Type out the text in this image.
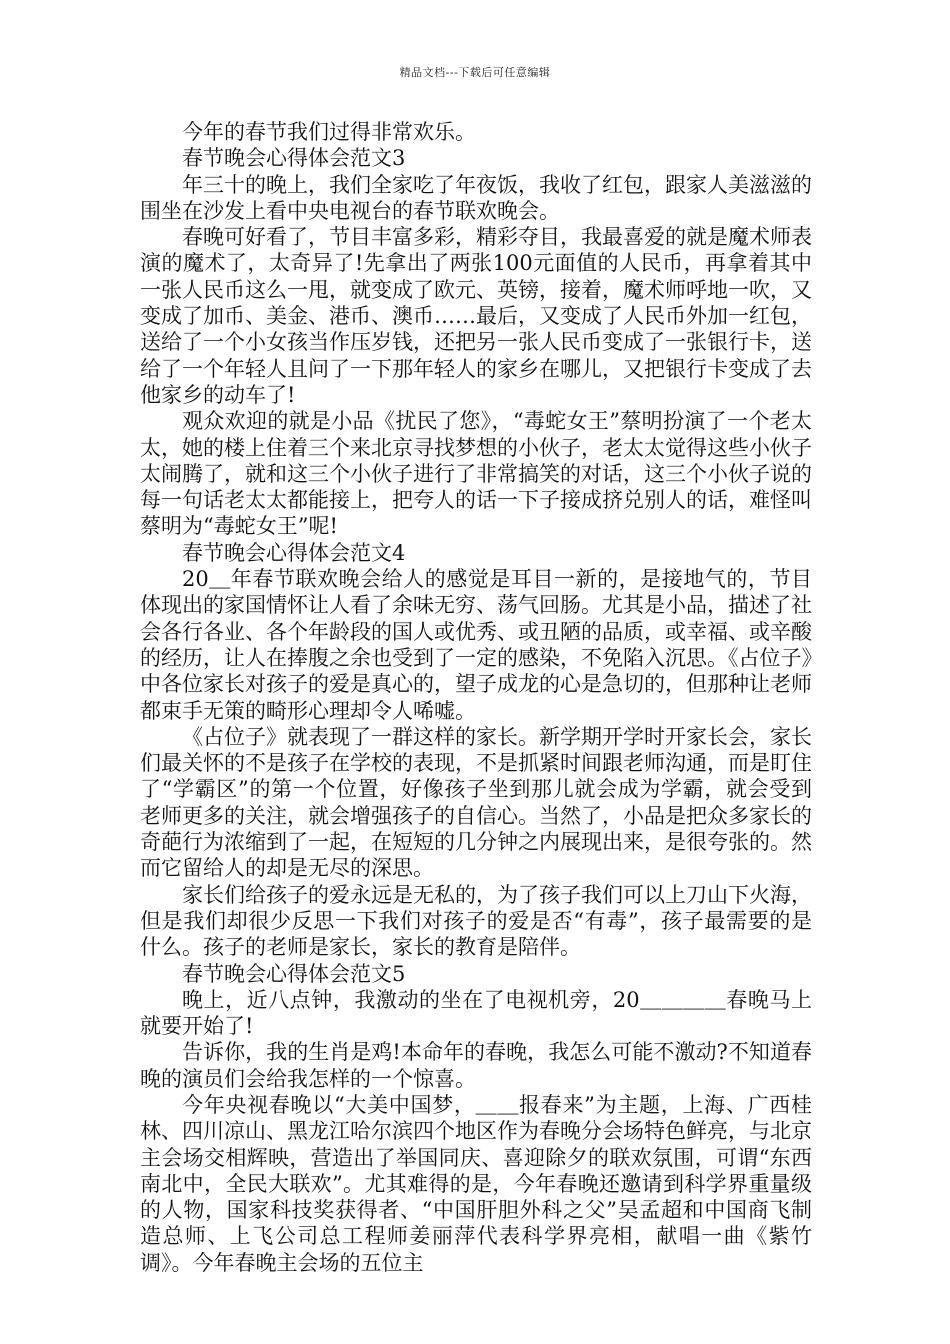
精品文档---下载后可任意编辑

今年的春节我们过得非常欢乐。

春节晚会心得体会范文3

年三十的晚上，我们全家吃了年夜饭，我收了红包，跟家人美滋滋的围坐在沙发上看中央电视台的春节联欢晚会。

春晚可好看了，节目丰富多彩，精彩夺目，我最喜爱的就是魔术师表演的魔术了，太奇异了!先拿出了两张100元面值的人民币，再拿着其中一张人民币这么一甩，就变成了欧元、英镑，接着，魔术师呼地一吹，又变成了加币、美金、港币、澳币……最后，又变成了人民币外加一红包，送给了一个小女孩当作压岁钱，还把另一张人民币变成了一张银行卡，送给了一个年轻人且问了一下那年轻人的家乡在哪儿，又把银行卡变成了去他家乡的动车了!

观众欢迎的就是小品《扰民了您》，“毒蛇女王”蔡明扮演了一个老太太，她的楼上住着三个来北京寻找梦想的小伙子，老太太觉得这些小伙子太闹腾了，就和这三个小伙子进行了非常搞笑的对话，这三个小伙子说的每一句话老太太都能接上，把夸人的话一下子接成挤兑别人的话，难怪叫蔡明为“毒蛇女王”呢!

春节晚会心得体会范文4

20＿年春节联欢晚会给人的感觉是耳目一新的，是接地气的，节目体现出的家国情怀让人看了余味无穷、荡气回肠。尤其是小品，描述了社会各行各业、各个年龄段的国人或优秀、或丑陋的品质，或幸福、或辛酸的经历，让人在捧腹之余也受到了一定的感染，不免陷入沉思。《占位子》中各位家长对孩子的爱是真心的，望子成龙的心是急切的，但那种让老师都束手无策的畸形心理却令人唏嘘。

《占位子》就表现了一群这样的家长。新学期开学时开家长会，家长们最关怀的不是孩子在学校的表现，不是抓紧时间跟老师沟通，而是盯住了“学霸区”的第一个位置，好像孩子坐到那儿就会成为学霸，就会受到老师更多的关注，就会增强孩子的自信心。当然了，小品是把众多家长的奇葩行为浓缩到了一起，在短短的几分钟之内展现出来，是很夸张的。然而它留给人的却是无尽的深思。

家长们给孩子的爱永远是无私的，为了孩子我们可以上刀山下火海，但是我们却很少反思一下我们对孩子的爱是否“有毒”，孩子最需要的是什么。孩子的老师是家长，家长的教育是陪伴。

春节晚会心得体会范文5

晚上，近八点钟，我激动的坐在了电视机旁，20＿＿＿＿春晚马上就要开始了!

告诉你，我的生肖是鸡!本命年的春晚，我怎么可能不激动?不知道春晚的演员们会给我怎样的一个惊喜。

今年央视春晚以“大美中国梦，＿＿报春来”为主题，上海、广西桂林、四川凉山、黑龙江哈尔滨四个地区作为春晚分会场特色鲜亮，与北京主会场交相辉映，营造出了举国同庆、喜迎除夕的联欢氛围，可谓“东西南北中，全民大联欢”。尤其难得的是，今年春晚还邀请到科学界重量级的人物，国家科技奖获得者、“中国肝胆外科之父”吴孟超和中国商飞制造总师、上飞公司总工程师姜丽萍代表科学界亮相，献唱一曲《紫竹调》。今年春晚主会场的五位主
